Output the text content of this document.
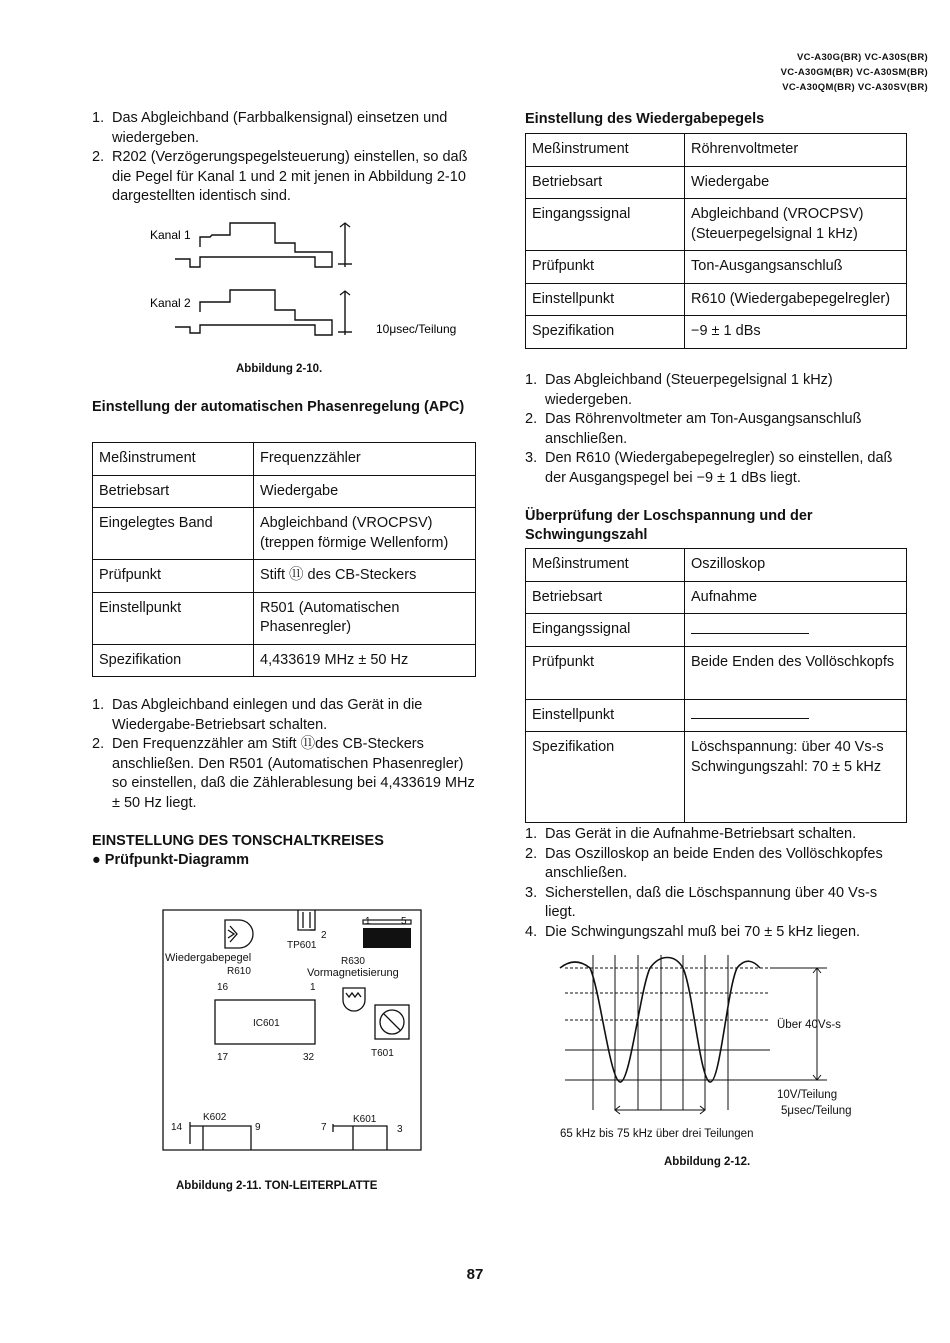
VC-A30G(BR) VC-A30S(BR)
VC-A30GM(BR) VC-A30SM(BR)
VC-A30QM(BR) VC-A30SV(BR)
1. Das Abgleichband (Farbbalkensignal) einsetzen und wiedergeben.
2. R202 (Verzögerungspegelsteuerung) einstellen, so daß die Pegel für Kanal 1 und 2 mit jenen in Abbildung 2-10 dargestellten identisch sind.
Kanal 1
Kanal 2
10μsec/Teilung
Abbildung 2-10.
Einstellung der automatischen Phasenregelung (APC)
Meßinstrument	Frequenzzähler
Betriebsart	Wiedergabe
Eingelegtes Band	Abgleichband (VROCPSV) (treppen förmige Wellenform)
Prüfpunkt	Stift ⑪ des CB-Steckers
Einstellpunkt	R501 (Automatischen Phasenregler)
Spezifikation	4,433619 MHz ± 50 Hz
1. Das Abgleichband einlegen und das Gerät in die Wiedergabe-Betriebsart schalten.
2. Den Frequenzzähler am Stift ⑪des CB-Steckers anschließen. Den R501 (Automatischen Phasenregler) so einstellen, daß die Zählerablesung bei 4,433619 MHz ± 50 Hz liegt.
EINSTELLUNG DES TONSCHALTKREISES
● Prüfpunkt-Diagramm
Wiedergabepegel
R610
TP601
R630
Vormagnetisierung
IC601
T601
K602	K601
16	1
17	32
14	9	7	3
2
5
1
Abbildung 2-11. TON-LEITERPLATTE
Einstellung des Wiedergabepegels
Meßinstrument	Röhrenvoltmeter
Betriebsart	Wiedergabe
Eingangssignal	Abgleichband (VROCPSV) (Steuerpegelsignal 1 kHz)
Prüfpunkt	Ton-Ausgangsanschluß
Einstellpunkt	R610 (Wiedergabepegelregler)
Spezifikation	−9 ± 1 dBs
1. Das Abgleichband (Steuerpegelsignal 1 kHz) wiedergeben.
2. Das Röhrenvoltmeter am Ton-Ausgangsanschluß anschließen.
3. Den R610 (Wiedergabepegelregler) so einstellen, daß der Ausgangspegel bei −9 ± 1 dBs liegt.
Überprüfung der Loschspannung und der Schwingungszahl
Meßinstrument	Oszilloskop
Betriebsart	Aufnahme
Eingangssignal	
Prüfpunkt	Beide Enden des Vollöschkopfs
Einstellpunkt	
Spezifikation	Löschspannung: über 40 Vs-s Schwingungszahl: 70 ± 5 kHz
1. Das Gerät in die Aufnahme-Betriebsart schalten.
2. Das Oszilloskop an beide Enden des Vollöschkopfes anschließen.
3. Sicherstellen, daß die Löschspannung über 40 Vs-s liegt.
4. Die Schwingungszahl muß bei 70 ± 5 kHz liegen.
Über 40Vs-s
10V/Teilung
5μsec/Teilung
65 kHz bis 75 kHz über drei Teilungen
Abbildung 2-12.
87
